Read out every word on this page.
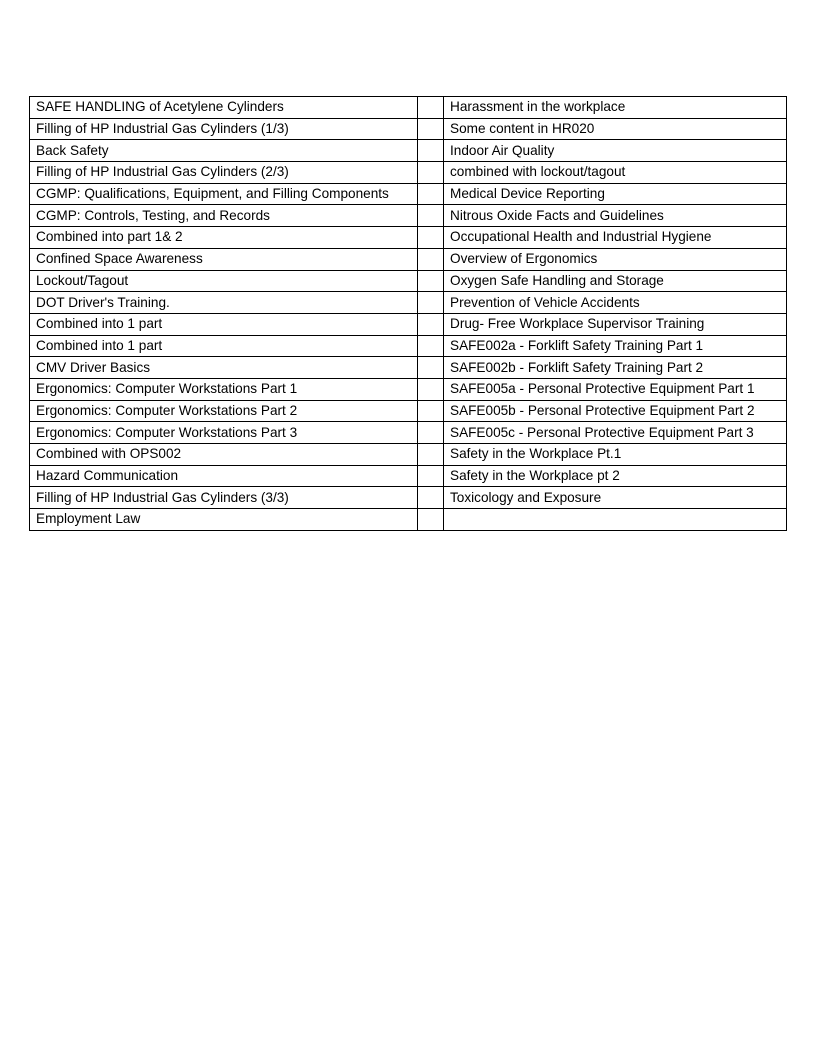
SAFE HANDLING of Acetylene Cylinders		Harassment in the workplace
Filling of HP Industrial Gas Cylinders (1/3)		Some content in HR020
Back Safety		Indoor Air Quality
Filling of HP Industrial Gas Cylinders (2/3)		combined with lockout/tagout
CGMP: Qualifications, Equipment, and Filling Components		Medical Device Reporting
CGMP: Controls, Testing, and Records		Nitrous Oxide Facts and Guidelines
Combined into part 1& 2		Occupational Health and Industrial Hygiene
Confined Space Awareness		Overview of Ergonomics
Lockout/Tagout		Oxygen Safe Handling and Storage
DOT Driver's Training.		Prevention of Vehicle Accidents
Combined into 1 part		Drug- Free Workplace Supervisor Training
Combined into 1 part		SAFE002a - Forklift Safety Training Part 1
CMV Driver Basics		SAFE002b - Forklift Safety Training Part 2
Ergonomics: Computer Workstations Part 1		SAFE005a - Personal Protective Equipment Part 1
Ergonomics: Computer Workstations Part 2		SAFE005b - Personal Protective Equipment Part 2
Ergonomics: Computer Workstations Part 3		SAFE005c - Personal Protective Equipment Part 3
Combined with OPS002		Safety in the Workplace Pt.1
Hazard Communication		Safety in the Workplace pt 2
Filling of HP Industrial Gas Cylinders (3/3)		Toxicology and Exposure
Employment Law		
